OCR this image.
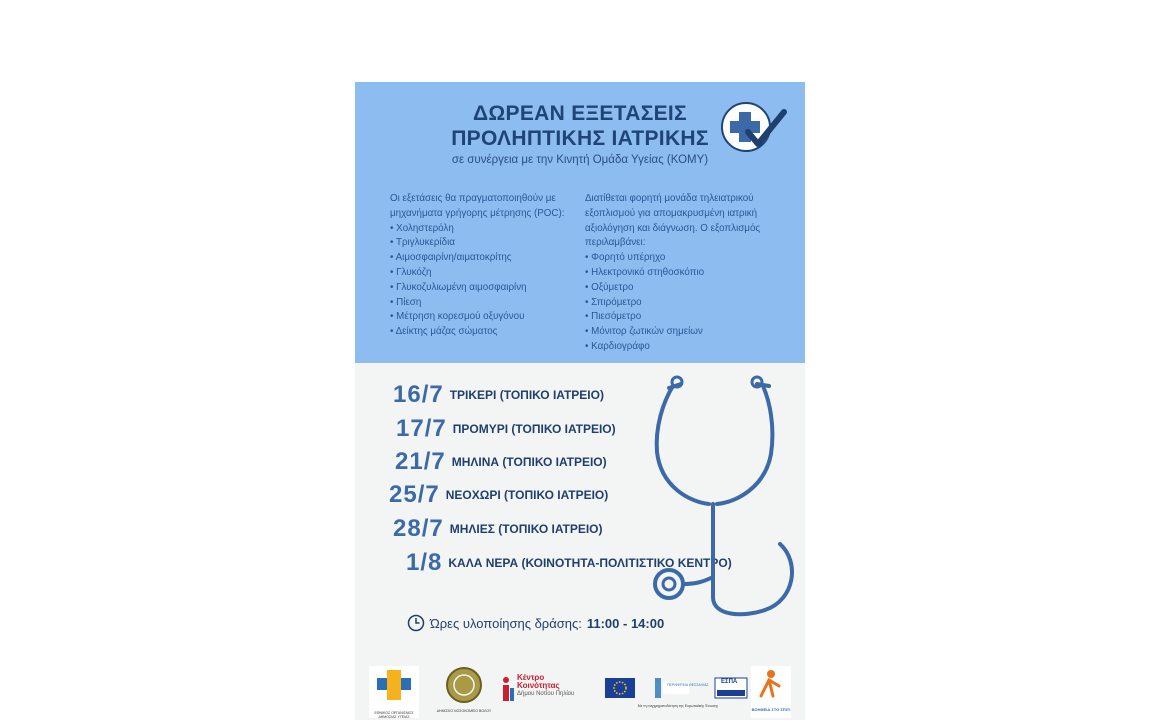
ΔΩΡΕΑΝ ΕΞΕΤΑΣΕΙΣ
ΠΡΟΛΗΠΤΙΚΗΣ ΙΑΤΡΙΚΗΣ
σε συνέργεια με την Κινητή Ομάδα Υγείας (ΚΟΜΥ)
Οι εξετάσεις θα πραγματοποιηθούν με μηχανήματα γρήγορης μέτρησης (POC):
• Χοληστερόλη
• Τριγλυκερίδια
• Αιμοσφαιρίνη/αιματοκρίτης
• Γλυκόζη
• Γλυκοζυλιωμένη αιμοσφαιρίνη
• Πίεση
• Μέτρηση κορεσμού οξυγόνου
• Δείκτης μάζας σώματος
Διατίθεται φορητή μονάδα τηλειατρικού εξοπλισμού για απομακρυσμένη ιατρική αξιολόγηση και διάγνωση. Ο εξοπλισμός περιλαμβάνει:
• Φορητό υπέρηχο
• Ηλεκτρονικό στηθοσκόπιο
• Οξύμετρο
• Σπιρόμετρο
• Πιεσόμετρο
• Μόνιτορ ζωτικών σημείων
• Καρδιογράφο
16/7 ΤΡΙΚΕΡΙ (ΤΟΠΙΚΟ ΙΑΤΡΕΙΟ)
17/7 ΠΡΟΜΥΡΙ (ΤΟΠΙΚΟ ΙΑΤΡΕΙΟ)
21/7 ΜΗΛΙΝΑ (ΤΟΠΙΚΟ ΙΑΤΡΕΙΟ)
25/7 ΝΕΟΧΩΡΙ (ΤΟΠΙΚΟ ΙΑΤΡΕΙΟ)
28/7 ΜΗΛΙΕΣ (ΤΟΠΙΚΟ ΙΑΤΡΕΙΟ)
1/8 ΚΑΛΑ ΝΕΡΑ (ΚΟΙΝΟΤΗΤΑ-ΠΟΛΙΤΙΣΤΙΚΟ ΚΕΝΤΡΟ)
Ώρες υλοποίησης δράσης: 11:00 - 14:00
ΕΘΝΙΚΟΣ ΟΡΓΑΝΙΣΜΟΣ ΔΗΜΟΣΙΑΣ ΥΓΕΙΑΣ
ΔΗΜΟΣΙΟ ΝΟΣΟΚΟΜΕΙΟ ΒΟΛΟΥ
Κέντρο
Κοινότητας
Δήμου Νοτίου Πηλίου
Με τη συγχρηματοδότηση της Ευρωπαϊκής Ένωσης
ΠΕΡΙΦΕΡΕΙΑ ΘΕΣΣΑΛΙΑΣ ΕΣΠΑ
ΒΟΗΘΕΙΑ ΣΤΟ ΣΠΙΤΙ
